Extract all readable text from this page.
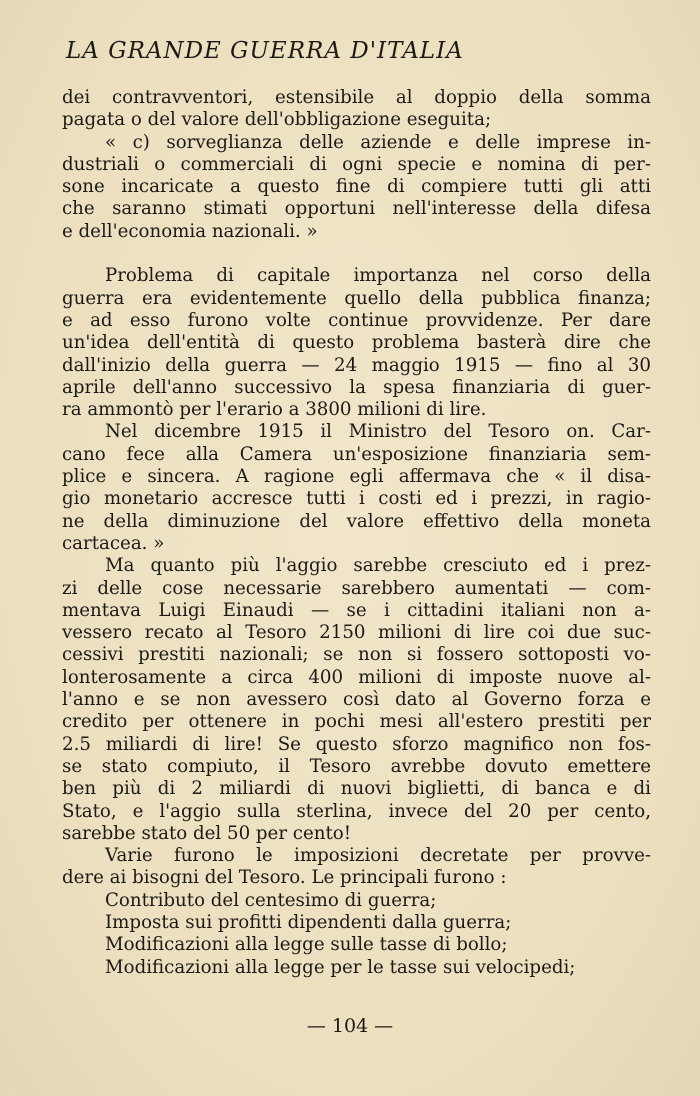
LA GRANDE GUERRA D'ITALIA
dei contravventori, estensibile al doppio della somma
pagata o del valore dell'obbligazione eseguita;
« c) sorveglianza delle aziende e delle imprese in-
dustriali o commerciali di ogni specie e nomina di per-
sone incaricate a questo fine di compiere tutti gli atti
che saranno stimati opportuni nell'interesse della difesa
e dell'economia nazionali. »
Problema di capitale importanza nel corso della
guerra era evidentemente quello della pubblica finanza;
e ad esso furono volte continue provvidenze. Per dare
un'idea dell'entità di questo problema basterà dire che
dall'inizio della guerra — 24 maggio 1915 — fino al 30
aprile dell'anno successivo la spesa finanziaria di guer-
ra ammontò per l'erario a 3800 milioni di lire.
Nel dicembre 1915 il Ministro del Tesoro on. Car-
cano fece alla Camera un'esposizione finanziaria sem-
plice e sincera. A ragione egli affermava che « il disa-
gio monetario accresce tutti i costi ed i prezzi, in ragio-
ne della diminuzione del valore effettivo della moneta
cartacea. »
Ma quanto più l'aggio sarebbe cresciuto ed i prez-
zi delle cose necessarie sarebbero aumentati — com-
mentava Luigi Einaudi — se i cittadini italiani non a-
vessero recato al Tesoro 2150 milioni di lire coi due suc-
cessivi prestiti nazionali; se non si fossero sottoposti vo-
lonterosamente a circa 400 milioni di imposte nuove al-
l'anno e se non avessero così dato al Governo forza e
credito per ottenere in pochi mesi all'estero prestiti per
2.5 miliardi di lire! Se questo sforzo magnifico non fos-
se stato compiuto, il Tesoro avrebbe dovuto emettere
ben più di 2 miliardi di nuovi biglietti, di banca e di
Stato, e l'aggio sulla sterlina, invece del 20 per cento,
sarebbe stato del 50 per cento!
Varie furono le imposizioni decretate per provve-
dere ai bisogni del Tesoro. Le principali furono :
Contributo del centesimo di guerra;
Imposta sui profitti dipendenti dalla guerra;
Modificazioni alla legge sulle tasse di bollo;
Modificazioni alla legge per le tasse sui velocipedi;
— 104 —
